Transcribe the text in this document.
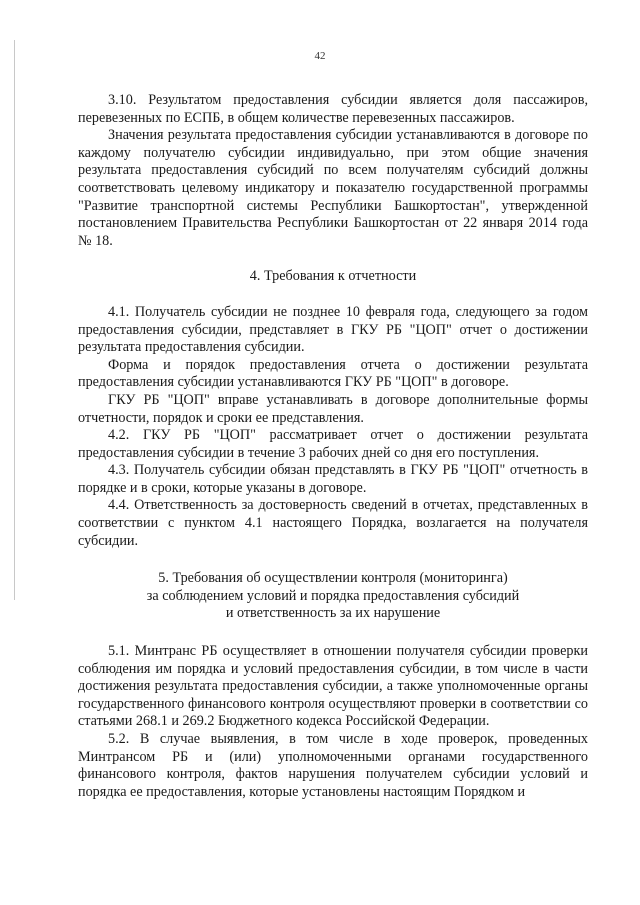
42

3.10. Результатом предоставления субсидии является доля пассажиров, перевезенных по ЕСПБ, в общем количестве перевезенных пассажиров.

Значения результата предоставления субсидии устанавливаются в договоре по каждому получателю субсидии индивидуально, при этом общие значения результата предоставления субсидий по всем получателям субсидий должны соответствовать целевому индикатору и показателю государственной программы "Развитие транспортной системы Республики Башкортостан", утвержденной постановлением Правительства Республики Башкортостан от 22 января 2014 года № 18.

4. Требования к отчетности

4.1. Получатель субсидии не позднее 10 февраля года, следующего за годом предоставления субсидии, представляет в ГКУ РБ "ЦОП" отчет о достижении результата предоставления субсидии.

Форма и порядок предоставления отчета о достижении результата предоставления субсидии устанавливаются ГКУ РБ "ЦОП" в договоре.

ГКУ РБ "ЦОП" вправе устанавливать в договоре дополнительные формы отчетности, порядок и сроки ее представления.

4.2. ГКУ РБ "ЦОП" рассматривает отчет о достижении результата предоставления субсидии в течение 3 рабочих дней со дня его поступления.

4.3. Получатель субсидии обязан представлять в ГКУ РБ "ЦОП" отчетность в порядке и в сроки, которые указаны в договоре.

4.4. Ответственность за достоверность сведений в отчетах, представленных в соответствии с пунктом 4.1 настоящего Порядка, возлагается на получателя субсидии.

5. Требования об осуществлении контроля (мониторинга)

за соблюдением условий и порядка предоставления субсидий

и ответственность за их нарушение

5.1. Минтранс РБ осуществляет в отношении получателя субсидии проверки соблюдения им порядка и условий предоставления субсидии, в том числе в части достижения результата предоставления субсидии, а также уполномоченные органы государственного финансового контроля осуществляют проверки в соответствии со статьями 268.1 и 269.2 Бюджетного кодекса Российской Федерации.

5.2. В случае выявления, в том числе в ходе проверок, проведенных Минтрансом РБ и (или) уполномоченными органами государственного финансового контроля, фактов нарушения получателем субсидии условий и порядка ее предоставления, которые установлены настоящим Порядком и
